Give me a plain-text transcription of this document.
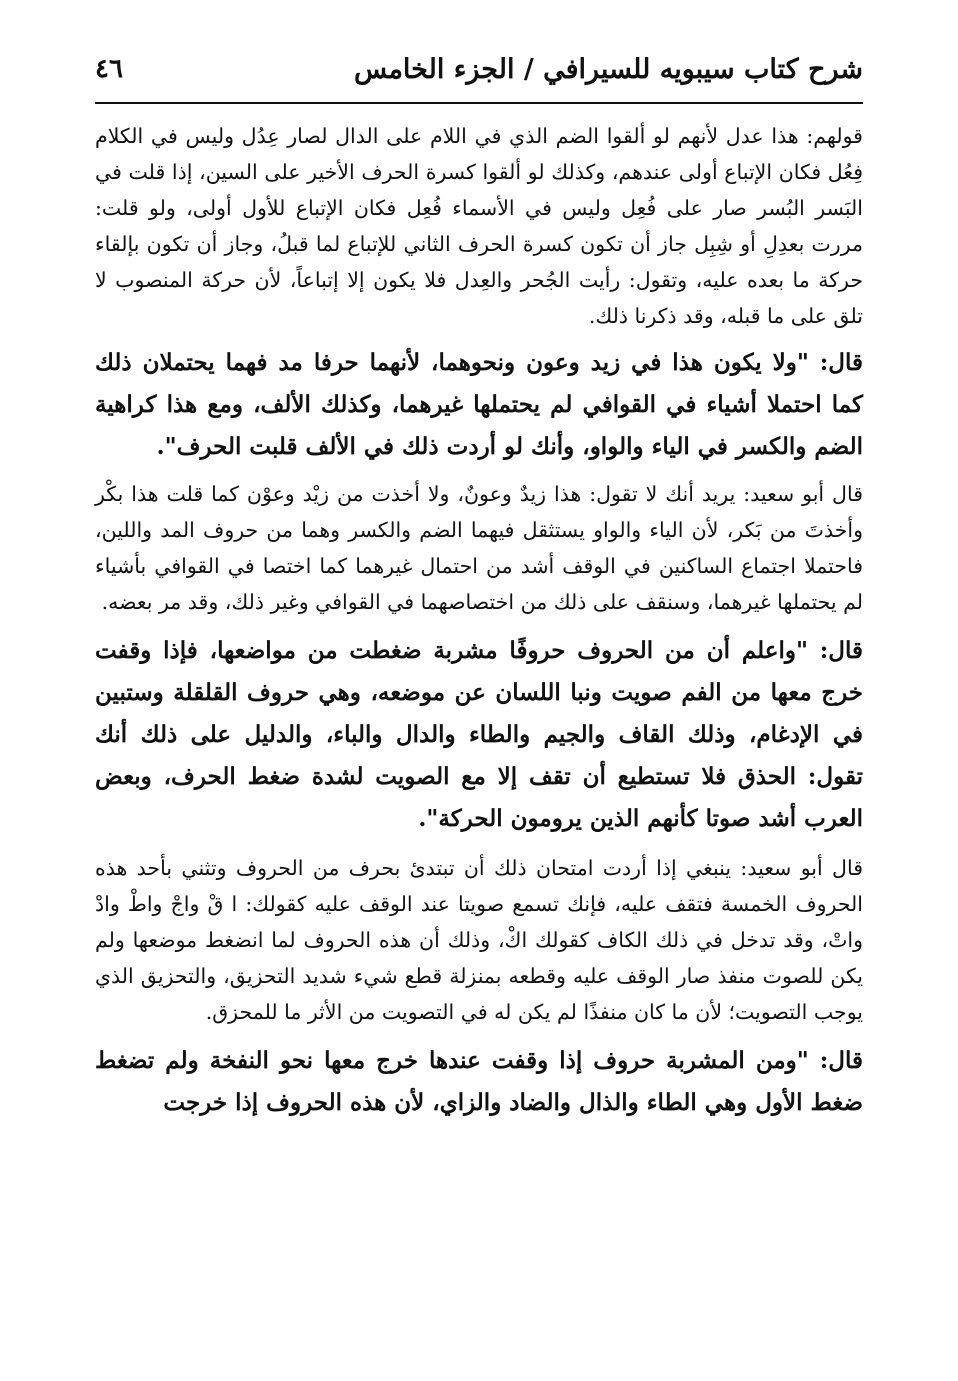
شرح كتاب سيبويه للسيرافي / الجزء الخامس
٤٦

قولهم: هذا عدل لأنهم لو ألقوا الضم الذي في اللام على الدال لصار عِدُل وليس في الكلام فِعُل فكان الإتباع أولى عندهم، وكذلك لو ألقوا كسرة الحرف الأخير على السين، إذا قلت في البَسر البُسر صار على فُعِل وليس في الأسماء فُعِل فكان الإتباع للأول أولى، ولو قلت: مررت بعدِلِ أو شِبِل جاز أن تكون كسرة الحرف الثاني للإتباع لما قبلُ، وجاز أن تكون بإلقاء حركة ما بعده عليه، وتقول: رأيت الجُحر والعِدل فلا يكون إلا إتباعاً، لأن حركة المنصوب لا تلق على ما قبله، وقد ذكرنا ذلك.

قال: "ولا يكون هذا في زيد وعون ونحوهما، لأنهما حرفا مد فهما يحتملان ذلك كما احتملا أشياء في القوافي لم يحتملها غيرهما، وكذلك الألف، ومع هذا كراهية الضم والكسر في الياء والواو، وأنك لو أردت ذلك في الألف قلبت الحرف".

قال أبو سعيد: يريد أنك لا تقول: هذا زيدٌ وعونٌ، ولا أخذت من زيْد وعوْن كما قلت هذا بكْر وأخذتَ من بَكر، لأن الياء والواو يستثقل فيهما الضم والكسر وهما من حروف المد واللين، فاحتملا اجتماع الساكنين في الوقف أشد من احتمال غيرهما كما اختصا في القوافي بأشياء لم يحتملها غيرهما، وسنقف على ذلك من اختصاصهما في القوافي وغير ذلك، وقد مر بعضه.

قال: "واعلم أن من الحروف حروفًا مشربة ضغطت من مواضعها، فإذا وقفت خرج معها من الفم صويت ونبا اللسان عن موضعه، وهي حروف القلقلة وستبين في الإدغام، وذلك القاف والجيم والطاء والدال والباء، والدليل على ذلك أنك تقول: الحذق فلا تستطيع أن تقف إلا مع الصويت لشدة ضغط الحرف، وبعض العرب أشد صوتا كأنهم الذين يرومون الحركة".

قال أبو سعيد: ينبغي إذا أردت امتحان ذلك أن تبتدئ بحرف من الحروف وتثني بأحد هذه الحروف الخمسة فتقف عليه، فإنك تسمع صويتا عند الوقف عليه كقولك: ا قْ واجْ واطْ وادْ واتْ، وقد تدخل في ذلك الكاف كقولك اكْ، وذلك أن هذه الحروف لما انضغط موضعها ولم يكن للصوت منفذ صار الوقف عليه وقطعه بمنزلة قطع شيء شديد التحزيق، والتحزيق الذي يوجب التصويت؛ لأن ما كان منفذًا لم يكن له في التصويت من الأثر ما للمحزق.

قال: "ومن المشربة حروف إذا وقفت عندها خرج معها نحو النفخة ولم تضغط ضغط الأول وهي الطاء والذال والضاد والزاي، لأن هذه الحروف إذا خرجت
